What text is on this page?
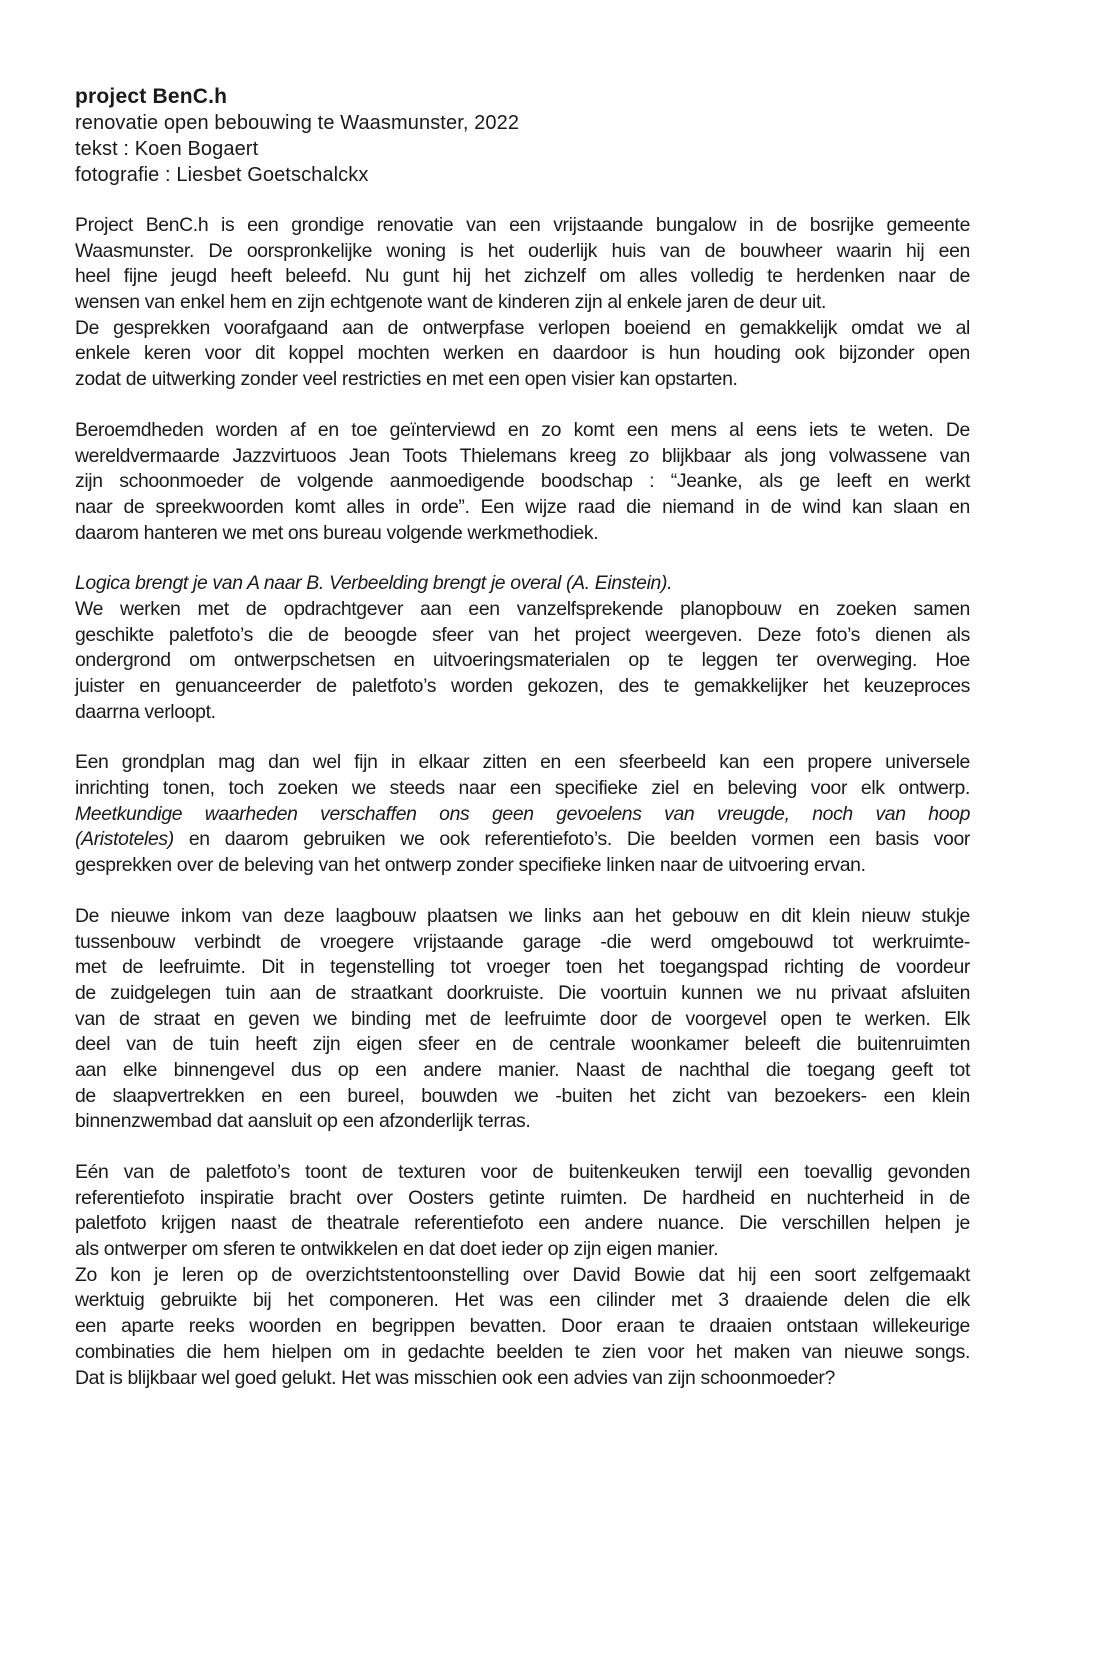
project BenC.h

renovatie open bebouwing te Waasmunster, 2022

tekst : Koen Bogaert

fotografie : Liesbet Goetschalckx

Project BenC.h is een grondige renovatie van een vrijstaande bungalow in de bosrijke gemeente
Waasmunster. De oorspronkelijke woning is het ouderlijk huis van de bouwheer waarin hij een
heel fijne jeugd heeft beleefd. Nu gunt hij het zichzelf om alles volledig te herdenken naar de
wensen van enkel hem en zijn echtgenote want de kinderen zijn al enkele jaren de deur uit.
De gesprekken voorafgaand aan de ontwerpfase verlopen boeiend en gemakkelijk omdat we al
enkele keren voor dit koppel mochten werken en daardoor is hun houding ook bijzonder open
zodat de uitwerking zonder veel restricties en met een open visier kan opstarten.
Beroemdheden worden af en toe geïnterviewd en zo komt een mens al eens iets te weten. De
wereldvermaarde Jazzvirtuoos Jean Toots Thielemans kreeg zo blijkbaar als jong volwassene van
zijn schoonmoeder de volgende aanmoedigende boodschap : “Jeanke, als ge leeft en werkt
naar de spreekwoorden komt alles in orde”. Een wijze raad die niemand in de wind kan slaan en
daarom hanteren we met ons bureau volgende werkmethodiek.
Logica brengt je van A naar B. Verbeelding brengt je overal (A. Einstein).
We werken met de opdrachtgever aan een vanzelfsprekende planopbouw en zoeken samen
geschikte paletfoto’s die de beoogde sfeer van het project weergeven. Deze foto’s dienen als
ondergrond om ontwerpschetsen en uitvoeringsmaterialen op te leggen ter overweging. Hoe
juister en genuanceerder de paletfoto’s worden gekozen, des te gemakkelijker het keuzeproces
daarrna verloopt.
Een grondplan mag dan wel fijn in elkaar zitten en een sfeerbeeld kan een propere universele
inrichting tonen, toch zoeken we steeds naar een specifieke ziel en beleving voor elk ontwerp.
Meetkundige waarheden verschaffen ons geen gevoelens van vreugde, noch van hoop
(Aristoteles) en daarom gebruiken we ook referentiefoto’s. Die beelden vormen een basis voor
gesprekken over de beleving van het ontwerp zonder specifieke linken naar de uitvoering ervan.
De nieuwe inkom van deze laagbouw plaatsen we links aan het gebouw en dit klein nieuw stukje
tussenbouw verbindt de vroegere vrijstaande garage -die werd omgebouwd tot werkruimte-
met de leefruimte. Dit in tegenstelling tot vroeger toen het toegangspad richting de voordeur
de zuidgelegen tuin aan de straatkant doorkruiste. Die voortuin kunnen we nu privaat afsluiten
van de straat en geven we binding met de leefruimte door de voorgevel open te werken. Elk
deel van de tuin heeft zijn eigen sfeer en de centrale woonkamer beleeft die buitenruimten
aan elke binnengevel dus op een andere manier. Naast de nachthal die toegang geeft tot
de slaapvertrekken en een bureel, bouwden we -buiten het zicht van bezoekers- een klein
binnenzwembad dat aansluit op een afzonderlijk terras.
Eén van de paletfoto’s toont de texturen voor de buitenkeuken terwijl een toevallig gevonden
referentiefoto inspiratie bracht over Oosters getinte ruimten. De hardheid en nuchterheid in de
paletfoto krijgen naast de theatrale referentiefoto een andere nuance. Die verschillen helpen je
als ontwerper om sferen te ontwikkelen en dat doet ieder op zijn eigen manier.
Zo kon je leren op de overzichtstentoonstelling over David Bowie dat hij een soort zelfgemaakt
werktuig gebruikte bij het componeren. Het was een cilinder met 3 draaiende delen die elk
een aparte reeks woorden en begrippen bevatten. Door eraan te draaien ontstaan willekeurige
combinaties die hem hielpen om in gedachte beelden te zien voor het maken van nieuwe songs.
Dat is blijkbaar wel goed gelukt. Het was misschien ook een advies van zijn schoonmoeder?
